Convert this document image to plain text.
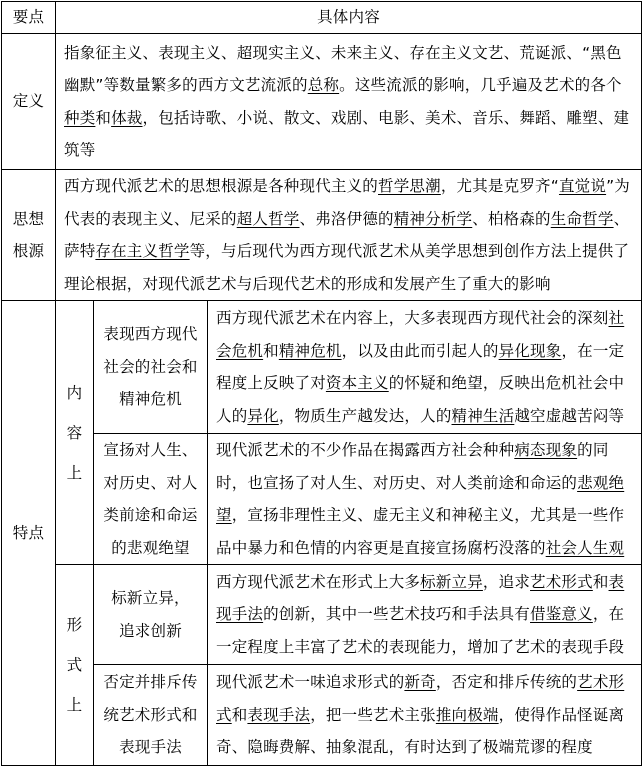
要点	具体内容
定义
指象征主义、表现主义、超现实主义、未来主义、存在主义文艺、荒诞派、“黑色幽默”等数量繁多的西方文艺流派的总称。这些流派的影响，几乎遍及艺术的各个种类和体裁，包括诗歌、小说、散文、戏剧、电影、美术、音乐、舞蹈、雕塑、建筑等
思想
根源
西方现代派艺术的思想根源是各种现代主义的哲学思潮，尤其是克罗齐“直觉说”为代表的表现主义、尼采的超人哲学、弗洛伊德的精神分析学、柏格森的生命哲学、萨特存在主义哲学等，与后现代为西方现代派艺术从美学思想到创作方法上提供了理论根据，对现代派艺术与后现代艺术的形成和发展产生了重大的影响
特点
内
容
上
表现西方现代社会的社会和精神危机
西方现代派艺术在内容上，大多表现西方现代社会的深刻社会危机和精神危机，以及由此而引起人的异化现象，在一定程度上反映了对资本主义的怀疑和绝望，反映出危机社会中人的异化，物质生产越发达，人的精神生活越空虚越苦闷等
宣扬对人生、对历史、对人类前途和命运的悲观绝望
现代派艺术的不少作品在揭露西方社会种种病态现象的同时，也宣扬了对人生、对历史、对人类前途和命运的悲观绝望，宣扬非理性主义、虚无主义和神秘主义，尤其是一些作品中暴力和色情的内容更是直接宣扬腐朽没落的社会人生观
形
式
上
标新立异，
追求创新
西方现代派艺术在形式上大多标新立异，追求艺术形式和表现手法的创新，其中一些艺术技巧和手法具有借鉴意义，在一定程度上丰富了艺术的表现能力，增加了艺术的表现手段
否定并排斥传统艺术形式和表现手法
现代派艺术一味追求形式的新奇，否定和排斥传统的艺术形式和表现手法，把一些艺术主张推向极端，使得作品怪诞离奇、隐晦费解、抽象混乱，有时达到了极端荒谬的程度
